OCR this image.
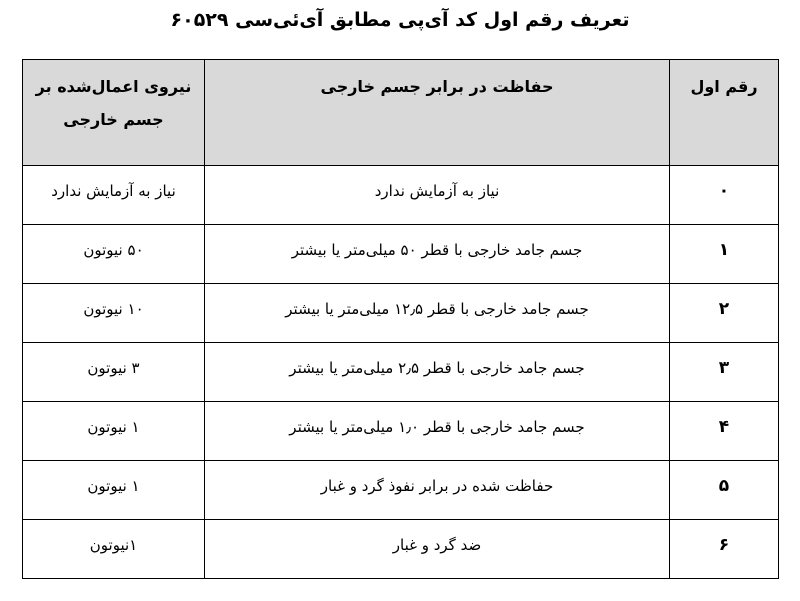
تعریف رقم اول کد آی‌پی مطابق آی‌ئی‌سی ۶۰۵۲۹
رقم اول	حفاظت در برابر جسم خارجی	نیروی اعمال‌شده بر
جسم خارجی
۰	نیاز به آزمایش ندارد	نیاز به آزمایش ندارد
۱	جسم جامد خارجی با قطر ۵۰ میلی‌متر یا بیشتر	۵۰ نیوتون
۲	جسم جامد خارجی با قطر ۱۲٫۵ میلی‌متر یا بیشتر	۱۰ نیوتون
۳	جسم جامد خارجی با قطر ۲٫۵ میلی‌متر یا بیشتر	۳ نیوتون
۴	جسم جامد خارجی با قطر ۱٫۰ میلی‌متر یا بیشتر	۱ نیوتون
۵	حفاظت شده در برابر نفوذ گرد و غبار	۱ نیوتون
۶	ضد گرد و غبار	۱نیوتون
